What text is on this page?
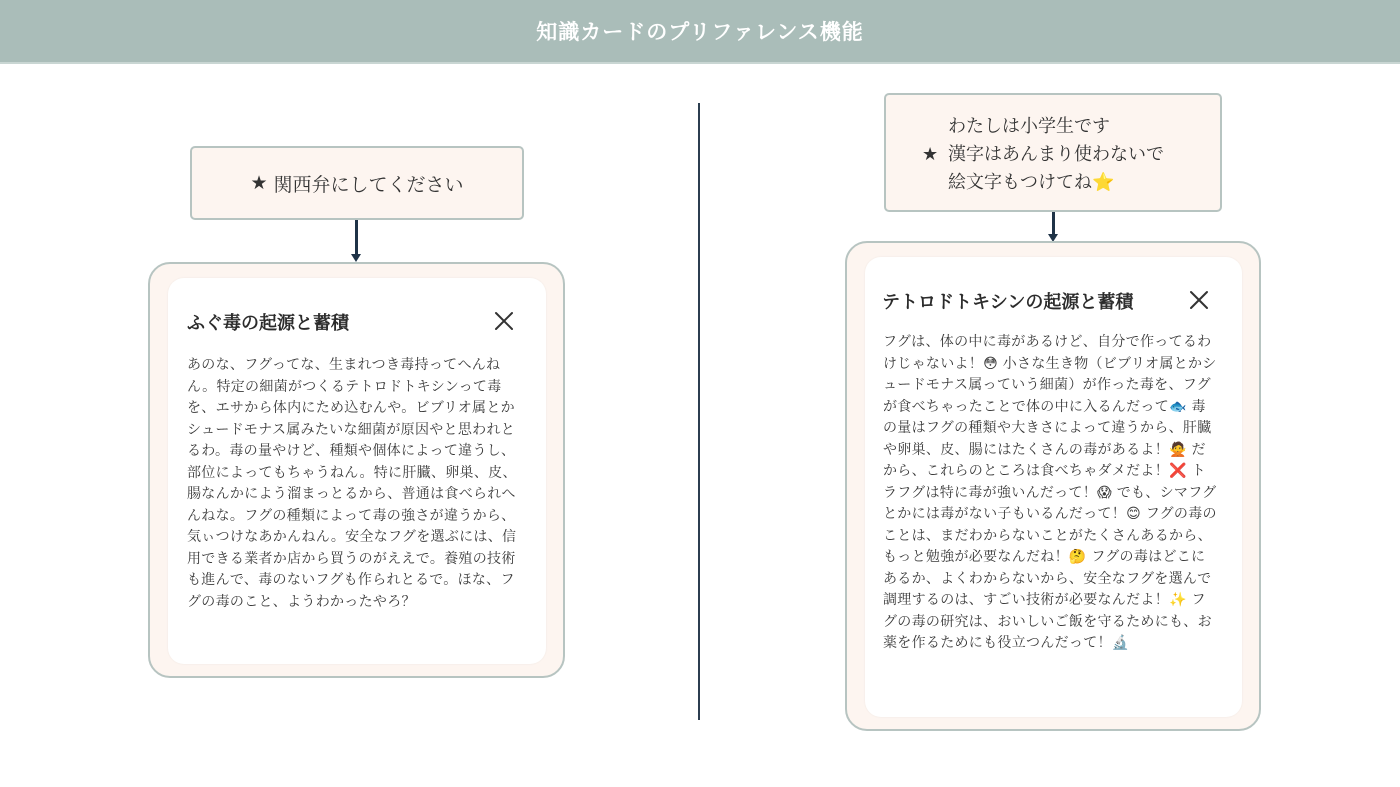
知識カードのプリファレンス機能
★ 関西弁にしてください
ふぐ毒の起源と蓄積
あのな、フグってな、生まれつき毒持ってへんねん。特定の細菌がつくるテトロドトキシンって毒を、エサから体内にため込むんや。ビブリオ属とかシュードモナス属みたいな細菌が原因やと思われとるわ。毒の量やけど、種類や個体によって違うし、部位によってもちゃうねん。特に肝臓、卵巣、皮、腸なんかによう溜まっとるから、普通は食べられへんねな。フグの種類によって毒の強さが違うから、気ぃつけなあかんねん。安全なフグを選ぶには、信用できる業者か店から買うのがええで。養殖の技術も進んで、毒のないフグも作られとるで。ほな、フグの毒のこと、ようわかったやろ？
わたしは小学生です
★ 漢字はあんまり使わないで
絵文字もつけてね⭐
テトロドトキシンの起源と蓄積
フグは、体の中に毒があるけど、自分で作ってるわけじゃないよ！😳 小さな生き物（ビブリオ属とかシュードモナス属っていう細菌）が作った毒を、フグが食べちゃったことで体の中に入るんだって🐟 毒の量はフグの種類や大きさによって違うから、肝臓や卵巣、皮、腸にはたくさんの毒があるよ！🙅 だから、これらのところは食べちゃダメだよ！❌ トラフグは特に毒が強いんだって！😱 でも、シマフグとかには毒がない子もいるんだって！😊 フグの毒のことは、まだわからないことがたくさんあるから、もっと勉強が必要なんだね！🤔 フグの毒はどこにあるか、よくわからないから、安全なフグを選んで調理するのは、すごい技術が必要なんだよ！✨ フグの毒の研究は、おいしいご飯を守るためにも、お薬を作るためにも役立つんだって！🔬
